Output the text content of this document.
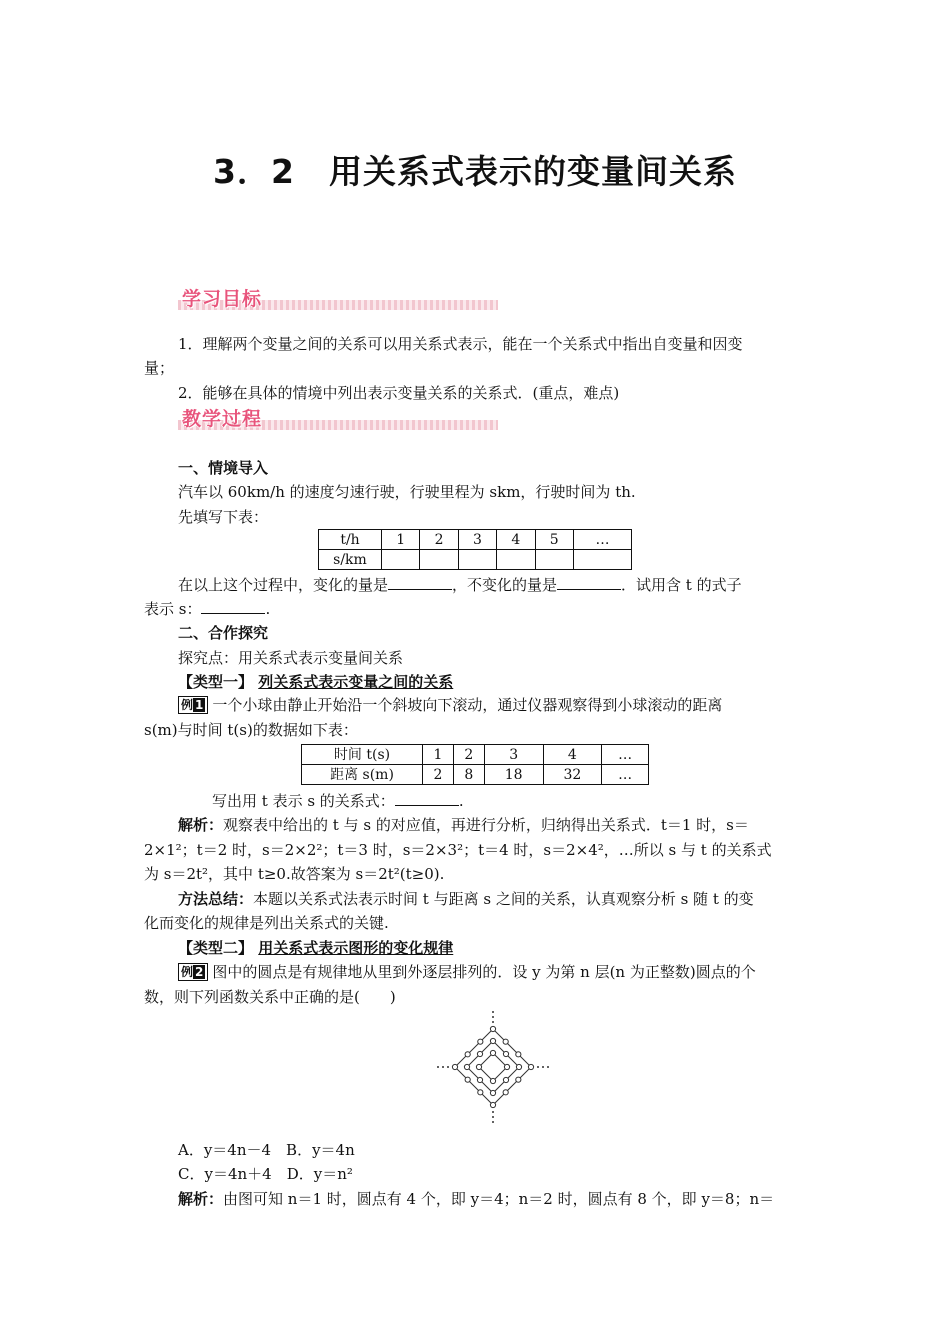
3．2　用关系式表示的变量间关系
学习目标
1．理解两个变量之间的关系可以用关系式表示，能在一个关系式中指出自变量和因变
量；
2．能够在具体的情境中列出表示变量关系的关系式．(重点，难点)
教学过程
一、情境导入
汽车以 60km/h 的速度匀速行驶，行驶里程为 skm，行驶时间为 th.
先填写下表：
t/h	1	2	3	4	5	…
s/km						
在以上这个过程中，变化的量是	，不变化的量是	．试用含 t 的式子
表示 s：	.
二、合作探究
探究点：用关系式表示变量间关系
【类型一】 列关系式表示变量之间的关系
例 1 一个小球由静止开始沿一个斜坡向下滚动，通过仪器观察得到小球滚动的距离
s(m)与时间 t(s)的数据如下表：
时间 t(s)	1	2	3	4	…
距离 s(m)	2	8	18	32	…
写出用 t 表示 s 的关系式：	.
解析：观察表中给出的 t 与 s 的对应值，再进行分析，归纳得出关系式．t＝1 时，s＝
2×1²；t＝2 时，s＝2×2²；t＝3 时，s＝2×3²；t＝4 时，s＝2×4²，…所以 s 与 t 的关系式
为 s＝2t²，其中 t≥0.故答案为 s＝2t²(t≥0).
方法总结：本题以关系式法表示时间 t 与距离 s 之间的关系，认真观察分析 s 随 t 的变
化而变化的规律是列出关系式的关键.
【类型二】 用关系式表示图形的变化规律
例 2 图中的圆点是有规律地从里到外逐层排列的．设 y 为第 n 层(n 为正整数)圆点的个
数，则下列函数关系中正确的是(　　)
A．y＝4n－4　B．y＝4n
C．y＝4n＋4　D．y＝n²
解析：由图可知 n＝1 时，圆点有 4 个，即 y＝4；n＝2 时，圆点有 8 个，即 y＝8；n＝
